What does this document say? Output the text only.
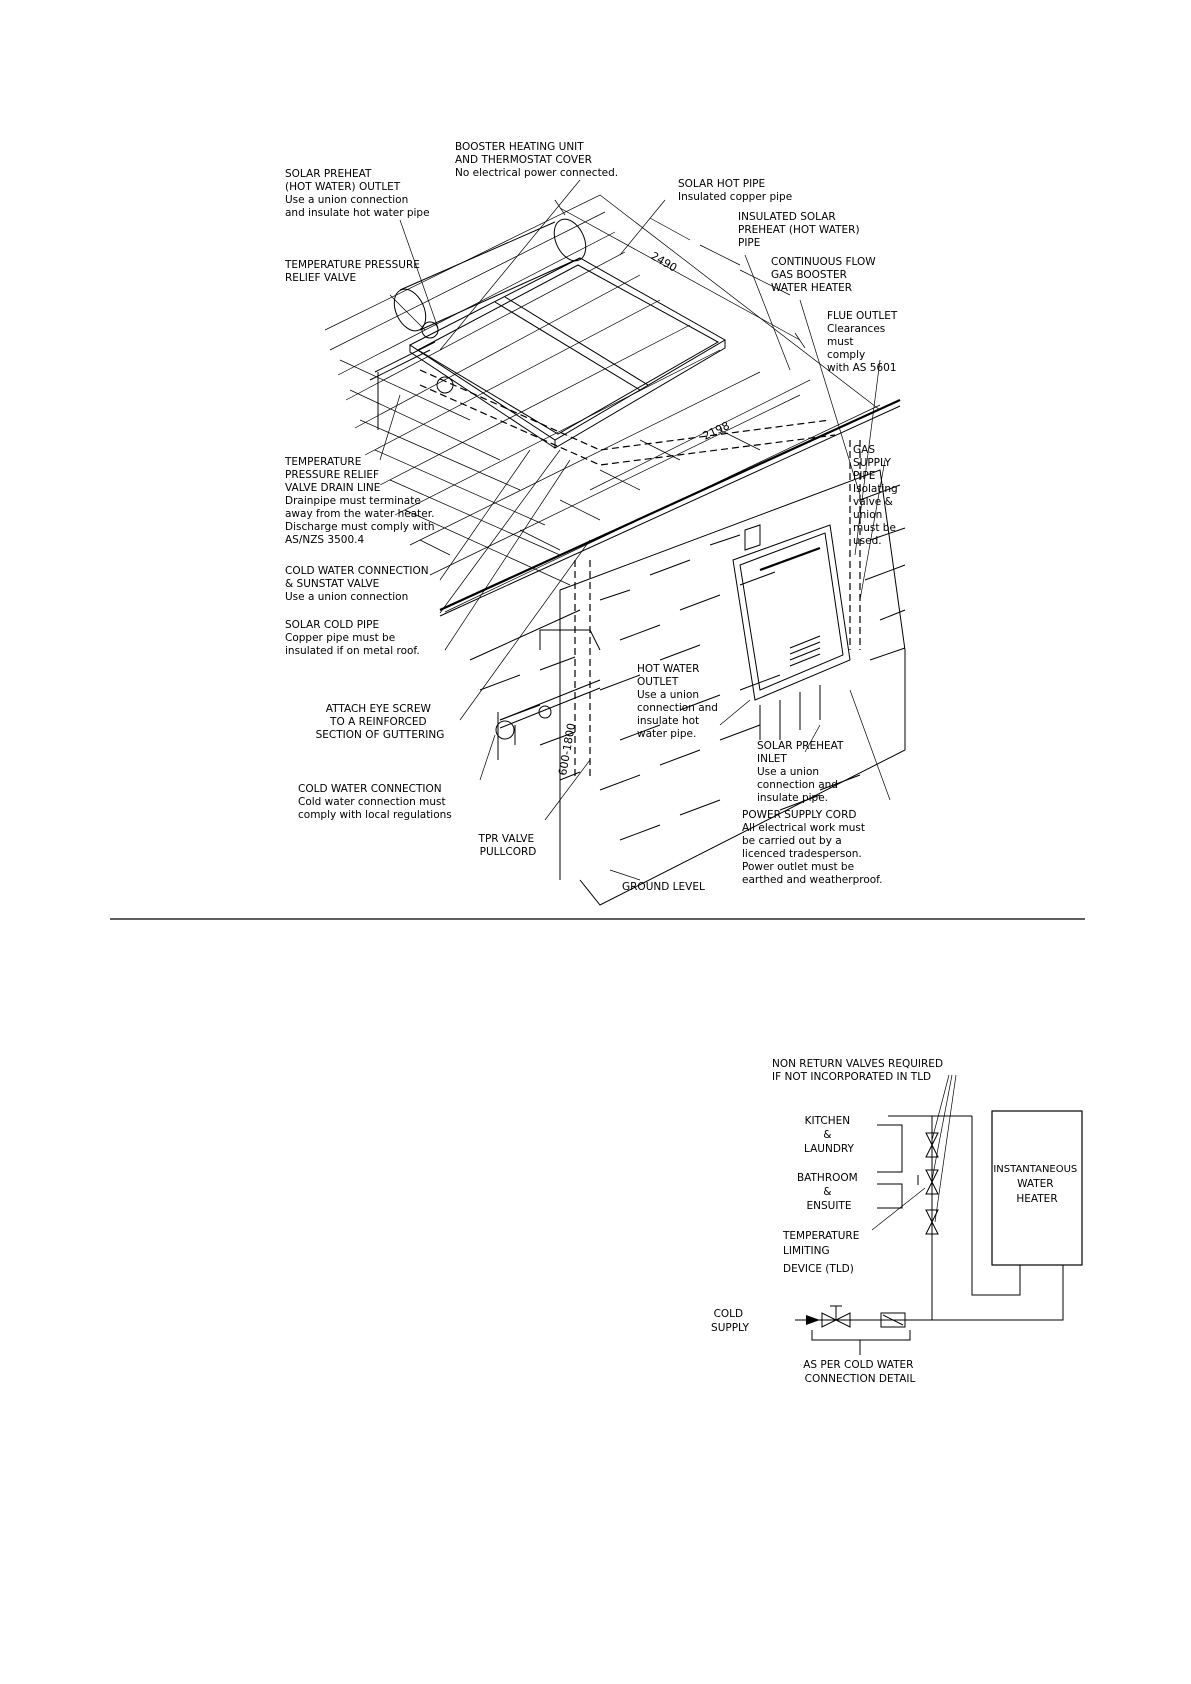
2490
2198
600-1800
BOOSTER HEATING UNIT AND THERMOSTAT COVER No electrical power connected.
SOLAR PREHEAT (HOT WATER) OUTLET Use a union connection and insulate hot water pipe
SOLAR HOT PIPE Insulated copper pipe
INSULATED SOLAR PREHEAT (HOT WATER) PIPE
CONTINUOUS FLOW GAS BOOSTER WATER HEATER
TEMPERATURE PRESSURE RELIEF VALVE
FLUE OUTLET Clearances must comply with AS 5601
GAS SUPPLY PIPE Isolating valve & union must be used.
TEMPERATURE PRESSURE RELIEF VALVE DRAIN LINE Drainpipe must terminate away from the water heater. Discharge must comply with AS/NZS 3500.4
COLD WATER CONNECTION & SUNSTAT VALVE Use a union connection
SOLAR COLD PIPE Copper pipe must be insulated if on metal roof.
HOT WATER OUTLET Use a union connection and insulate hot water pipe.
ATTACH EYE SCREW TO A REINFORCED SECTION OF GUTTERING
SOLAR PREHEAT INLET Use a union connection and insulate pipe.
COLD WATER CONNECTION Cold water connection must comply with local regulations	POWER SUPPLY CORD All electrical work must be carried out by a licenced tradesperson. Power outlet must be earthed and weatherproof.
TPR VALVE PULLCORD
GROUND LEVEL
NON RETURN VALVES REQUIRED IF NOT INCORPORATED IN TLD
KITCHEN & LAUNDRY
BATHROOM & ENSUITE
TEMPERATURE LIMITING DEVICE (TLD)
INSTANTANEOUS WATER HEATER
COLD SUPPLY
AS PER COLD WATER CONNECTION DETAIL
